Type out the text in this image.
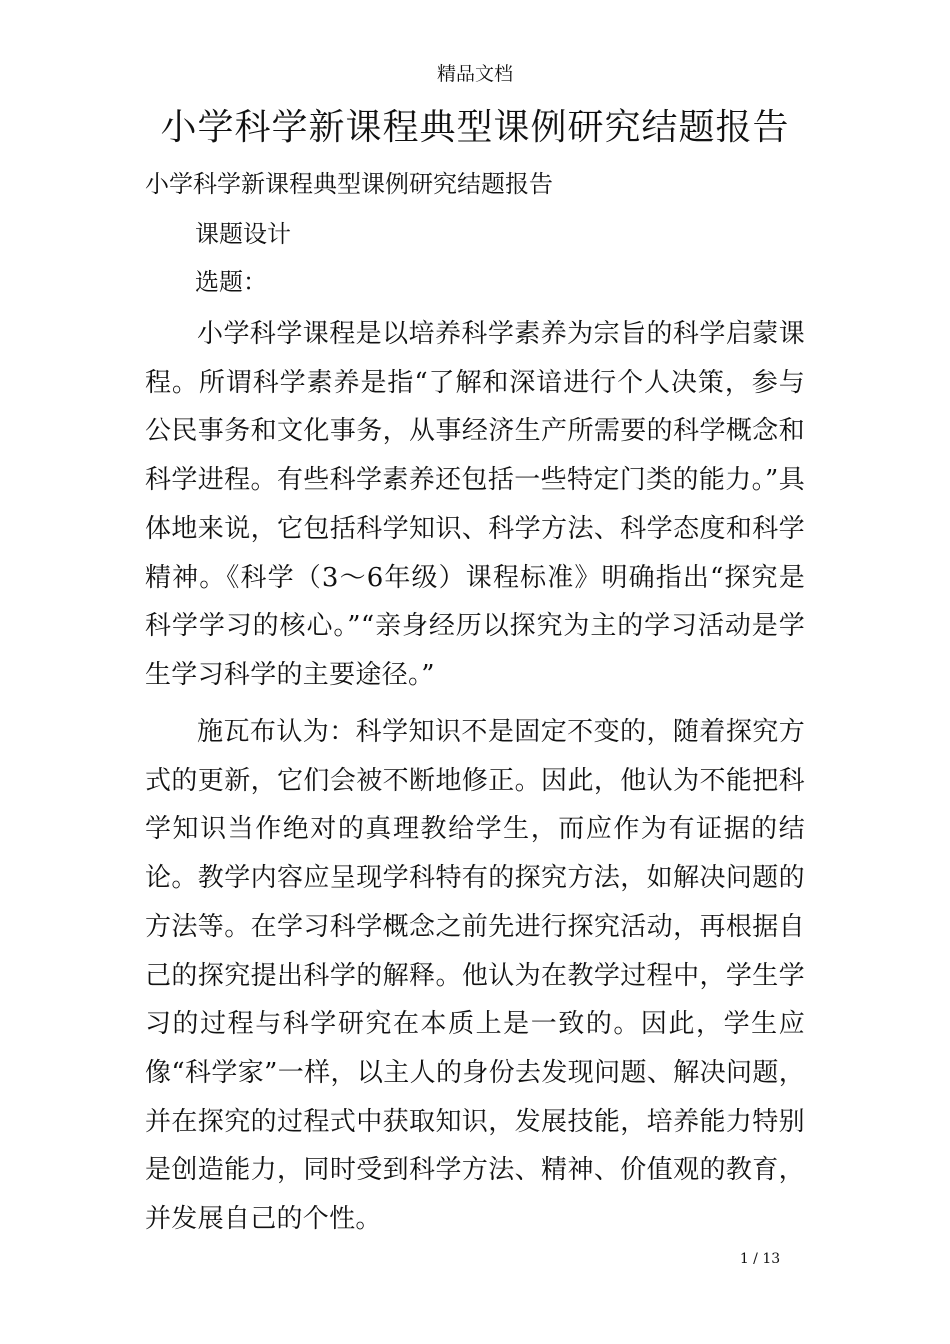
精品文档
小学科学新课程典型课例研究结题报告
小学科学新课程典型课例研究结题报告
课题设计
选题：

小学科学课程是以培养科学素养为宗旨的科学启蒙课程。所谓科学素养是指“了解和深谙进行个人决策，参与公民事务和文化事务，从事经济生产所需要的科学概念和科学进程。有些科学素养还包括一些特定门类的能力。”具体地来说，它包括科学知识、科学方法、科学态度和科学精神。《科学（3～6年级）课程标准》明确指出“探究是科学学习的核心。”“亲身经历以探究为主的学习活动是学生学习科学的主要途径。”

施瓦布认为：科学知识不是固定不变的，随着探究方式的更新，它们会被不断地修正。因此，他认为不能把科学知识当作绝对的真理教给学生，而应作为有证据的结论。教学内容应呈现学科特有的探究方法，如解决问题的方法等。在学习科学概念之前先进行探究活动，再根据自己的探究提出科学的解释。他认为在教学过程中，学生学习的过程与科学研究在本质上是一致的。因此，学生应像“科学家”一样，以主人的身份去发现问题、解决问题，并在探究的过程式中获取知识，发展技能，培养能力特别是创造能力，同时受到科学方法、精神、价值观的教育，并发展自己的个性。

1 / 13
